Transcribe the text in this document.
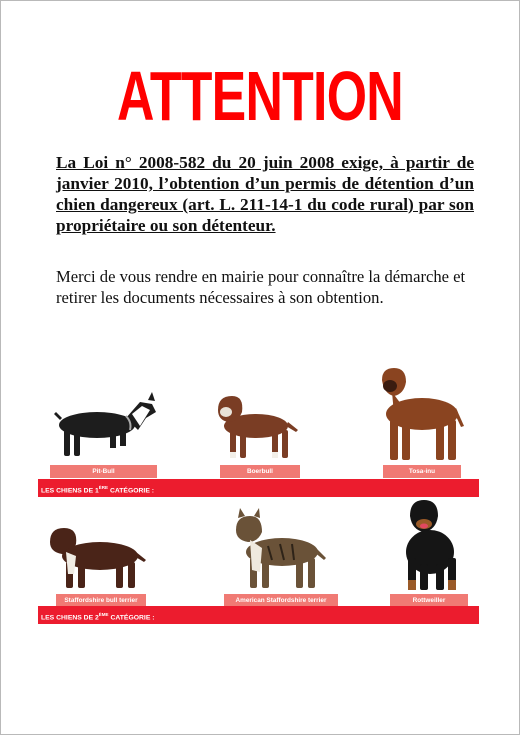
ATTENTION
La Loi n° 2008-582 du 20 juin 2008 exige, à partir de janvier 2010, l’obtention d’un permis de détention d’un chien dangereux (art. L. 211-14-1 du code rural) par son propriétaire ou son détenteur.
Merci de vous rendre en mairie pour connaître la démarche et retirer les documents nécessaires à son obtention.
Pit-Bull	Boerbull	Tosa-inu
LES CHIENS DE 1ÈRE CATÉGORIE :
Staffordshire bull terrier	American Staffordshire terrier	Rottweiller
LES CHIENS DE 2ÈME CATÉGORIE :
